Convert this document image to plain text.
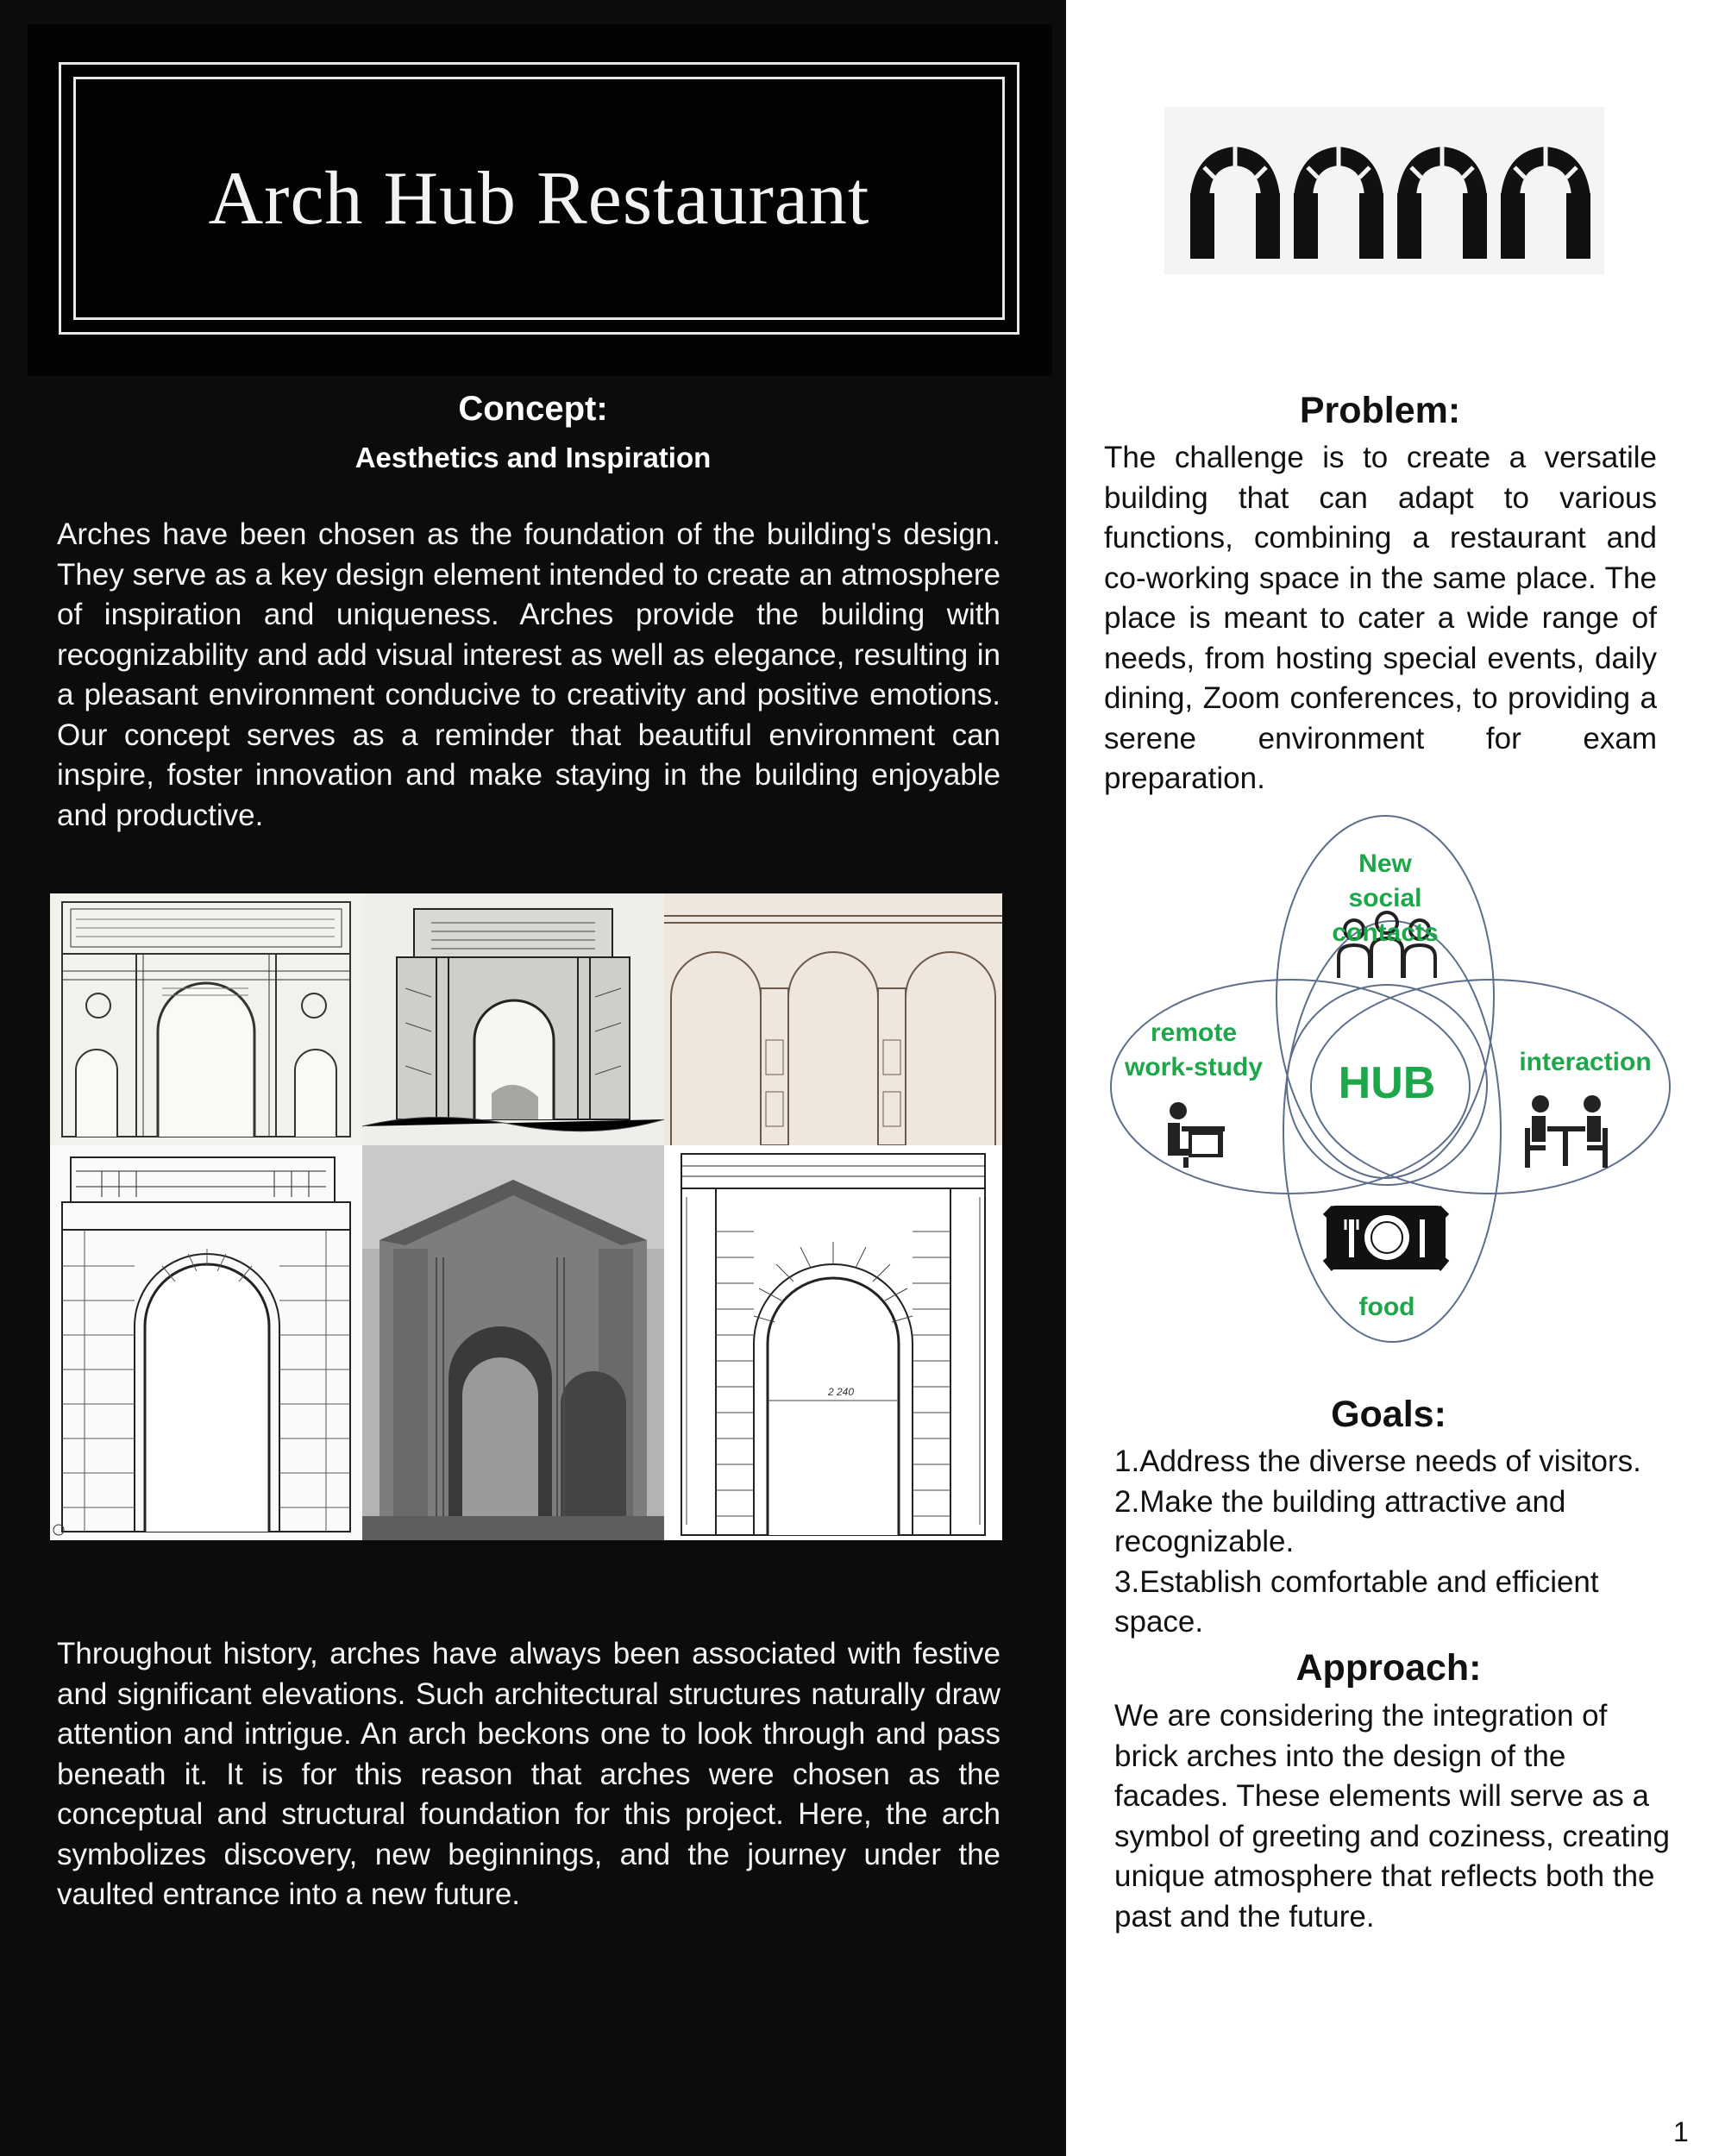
Arch Hub Restaurant
Concept:
Aesthetics and Inspiration

Arches have been chosen as the foundation of the building's design. They serve as a key design element intended to create an atmosphere of inspiration and uniqueness. Arches provide the building with recognizability and add visual interest as well as elegance, resulting in a pleasant environment conducive to creativity and positive emotions. Our concept serves as a reminder that beautiful environment can inspire, foster innovation and make staying in the building enjoyable and productive.

2 240

Throughout history, arches have always been associated with festive and significant elevations. Such architectural structures naturally draw attention and intrigue. An arch beckons one to look through and pass beneath it. It is for this reason that arches were chosen as the conceptual and structural foundation for this project. Here, the arch symbolizes discovery, new beginnings, and the journey under the vaulted entrance into a new future.

Problem:

The challenge is to create a versatile building that can adapt to various functions, combining a restaurant and co-working space in the same place. The place is meant to cater a wide range of needs, from hosting special events, daily dining, Zoom conferences, to providing a serene environment for exam preparation.

New
social contacts
remote
work-study	interaction
HUB
food
Goals:
1.Address the diverse needs of visitors.
2.Make the building attractive and recognizable.
3.Establish comfortable and efficient space.
Approach:

We are considering the integration of brick arches into the design of the facades. These elements will serve as a symbol of greeting and coziness, creating unique atmosphere that reflects both the past and the future.

1
